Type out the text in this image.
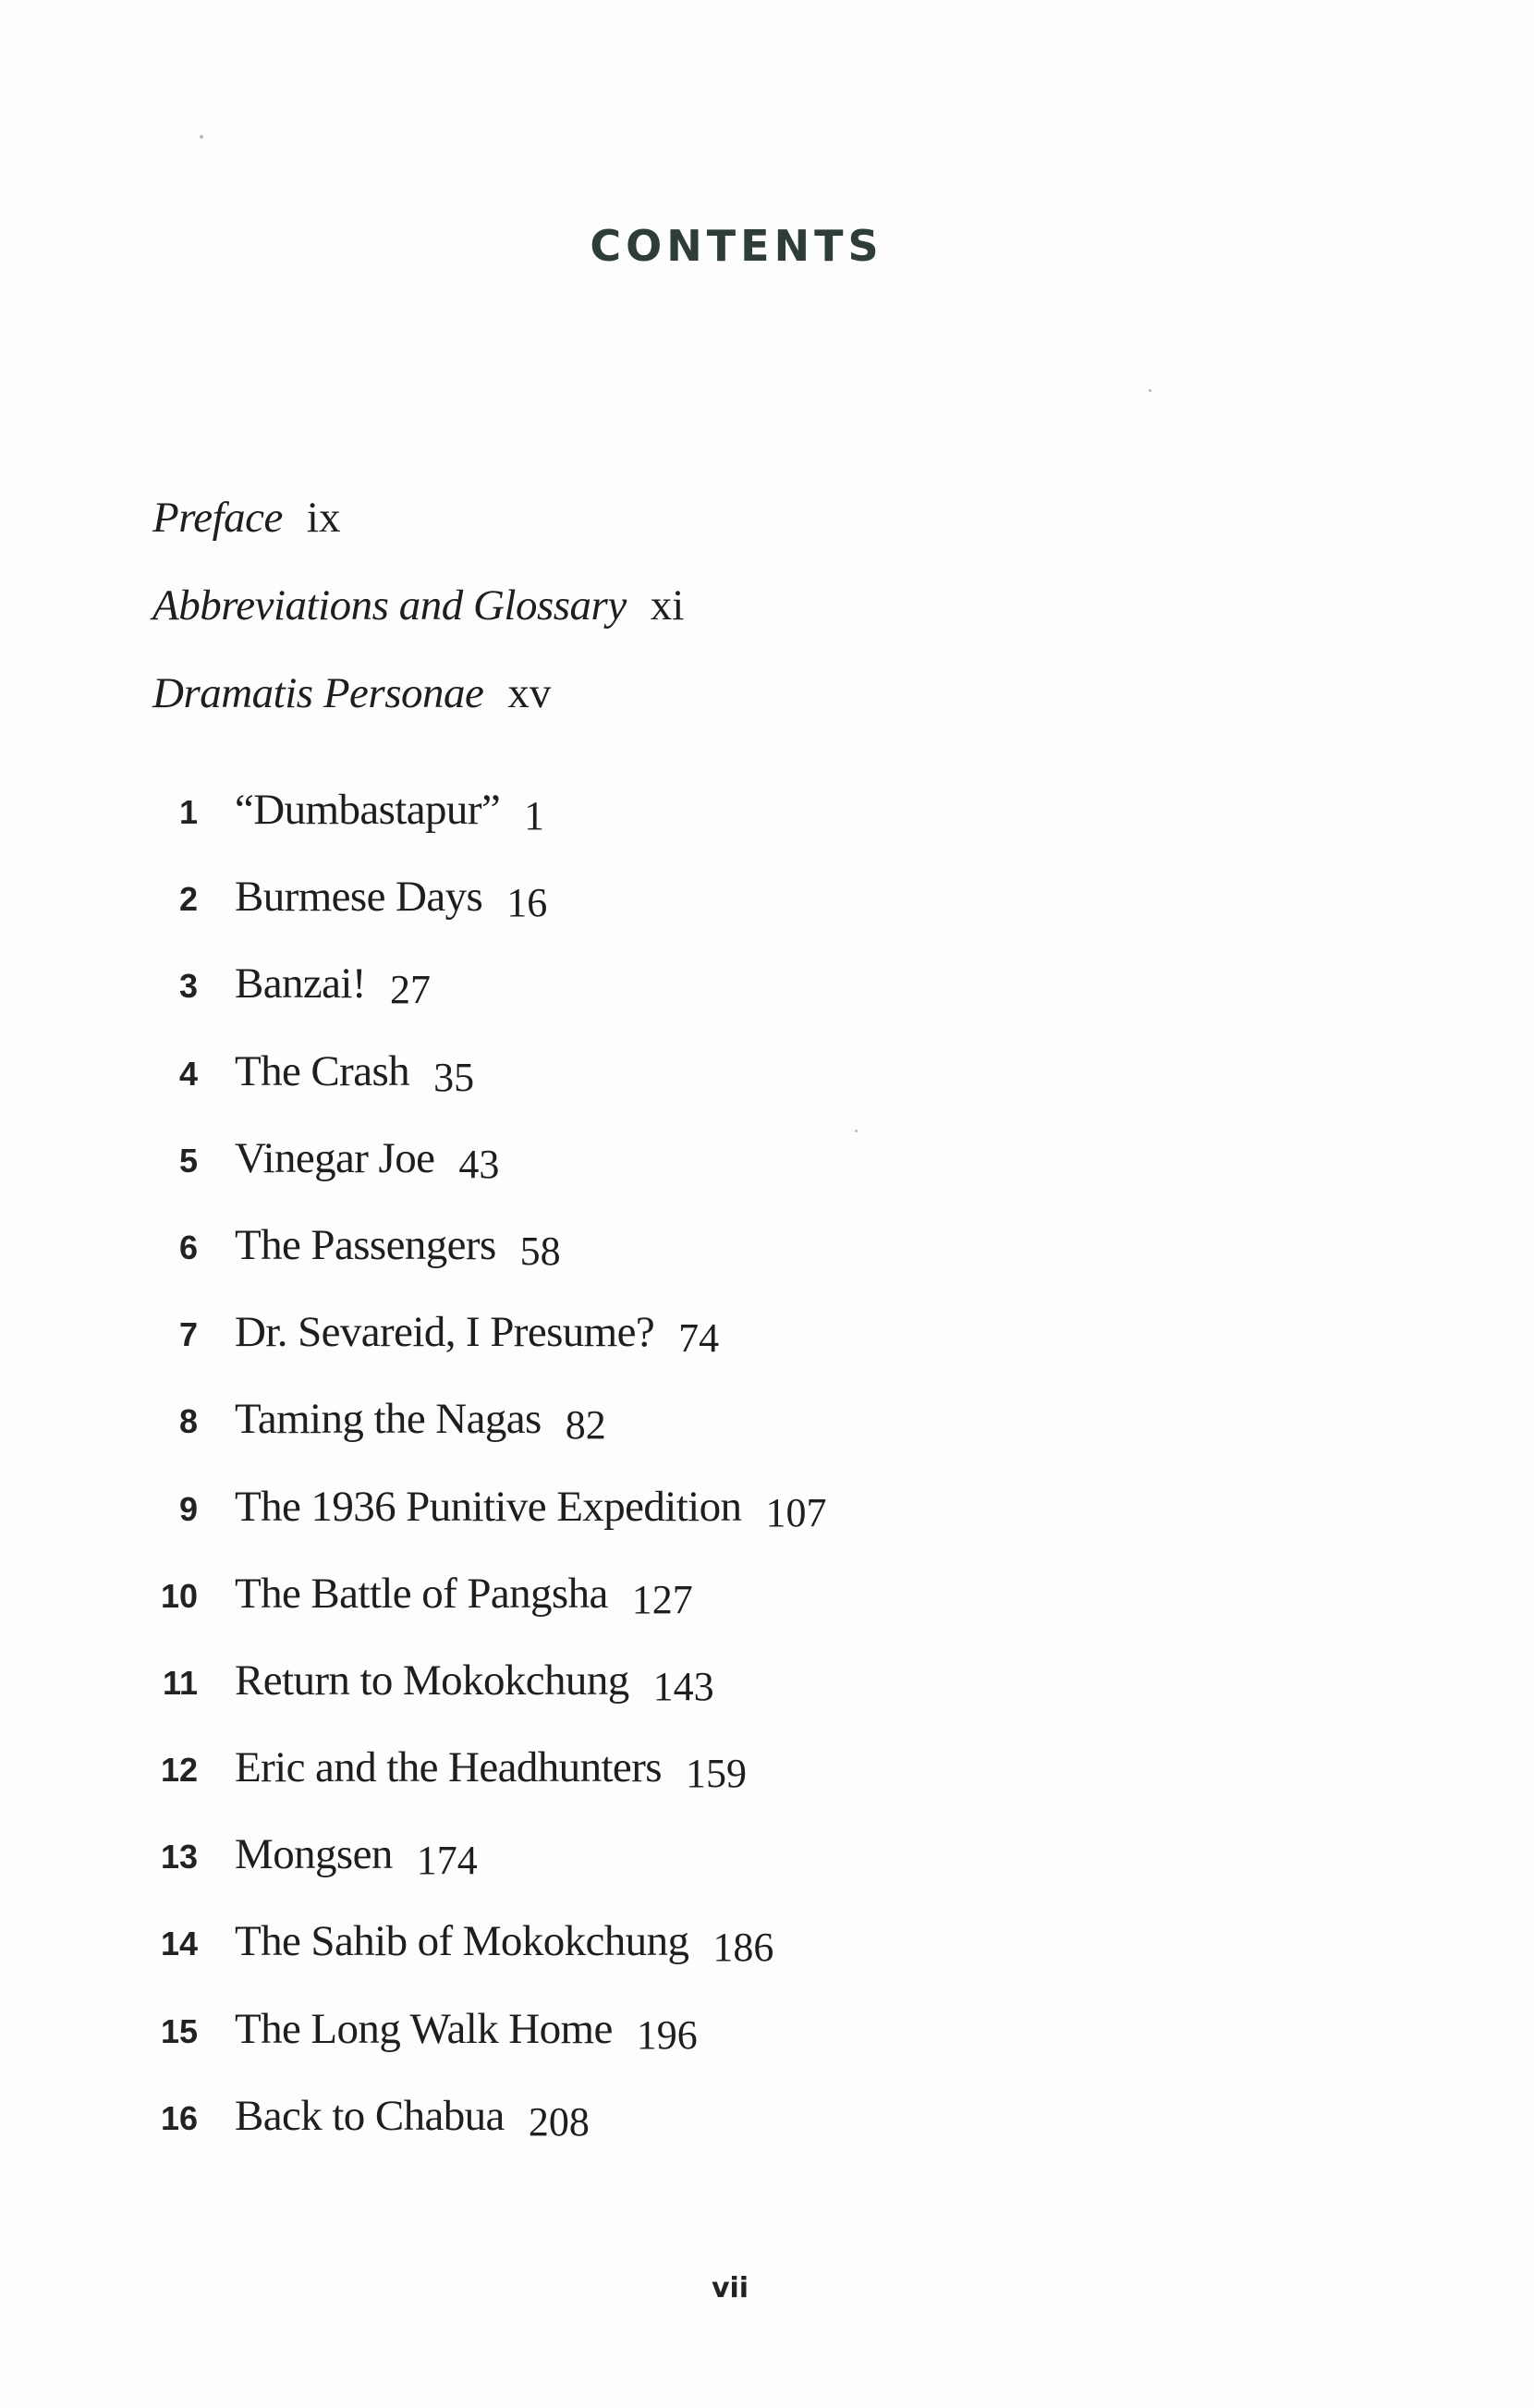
CONTENTS
Preface ix
Abbreviations and Glossary xi
Dramatis Personae xv
1 “Dumbastapur” 1
2 Burmese Days 16
3 Banzai! 27
4 The Crash 35
5 Vinegar Joe 43
6 The Passengers 58
7 Dr. Sevareid, I Presume? 74
8 Taming the Nagas 82
9 The 1936 Punitive Expedition 107
10 The Battle of Pangsha 127
11 Return to Mokokchung 143
12 Eric and the Headhunters 159
13 Mongsen 174
14 The Sahib of Mokokchung 186
15 The Long Walk Home 196
16 Back to Chabua 208
vii
